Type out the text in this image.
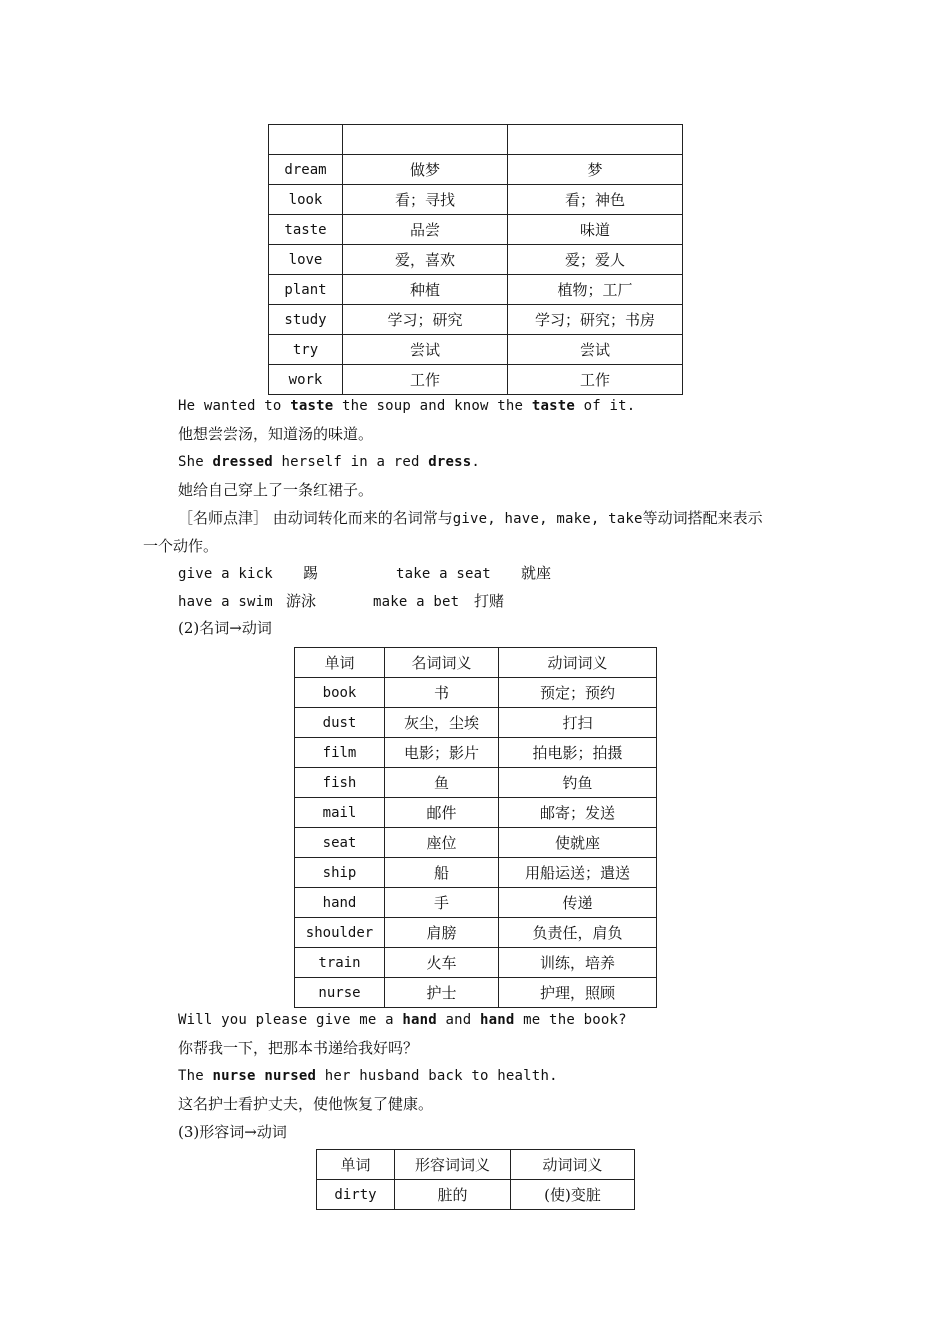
dream	做梦	梦
look	看；寻找	看；神色
taste	品尝	味道
love	爱，喜欢	爱；爱人
plant	种植	植物；工厂
study	学习；研究	学习；研究；书房
try	尝试	尝试
work	工作	工作
He wanted to taste the soup and know the taste of it.
他想尝尝汤，知道汤的味道。
She dressed herself in a red dress.
她给自己穿上了一条红裙子。
［名师点津］ 由动词转化而来的名词常与give, have, make, take等动词搭配来表示
一个动作。
give a kick 踢	take a seat 就座
have a swim 游泳	make a bet 打赌
(2)名词→动词
单词	名词词义	动词词义
book	书	预定；预约
dust	灰尘，尘埃	打扫
film	电影；影片	拍电影；拍摄
fish	鱼	钓鱼
mail	邮件	邮寄；发送
seat	座位	使就座
ship	船	用船运送；遣送
hand	手	传递
shoulder	肩膀	负责任，肩负
train	火车	训练，培养
nurse	护士	护理，照顾
Will you please give me a hand and hand me the book?
你帮我一下，把那本书递给我好吗？
The nurse nursed her husband back to health.
这名护士看护丈夫，使他恢复了健康。
(3)形容词→动词
单词	形容词词义	动词词义
dirty	脏的	(使)变脏
